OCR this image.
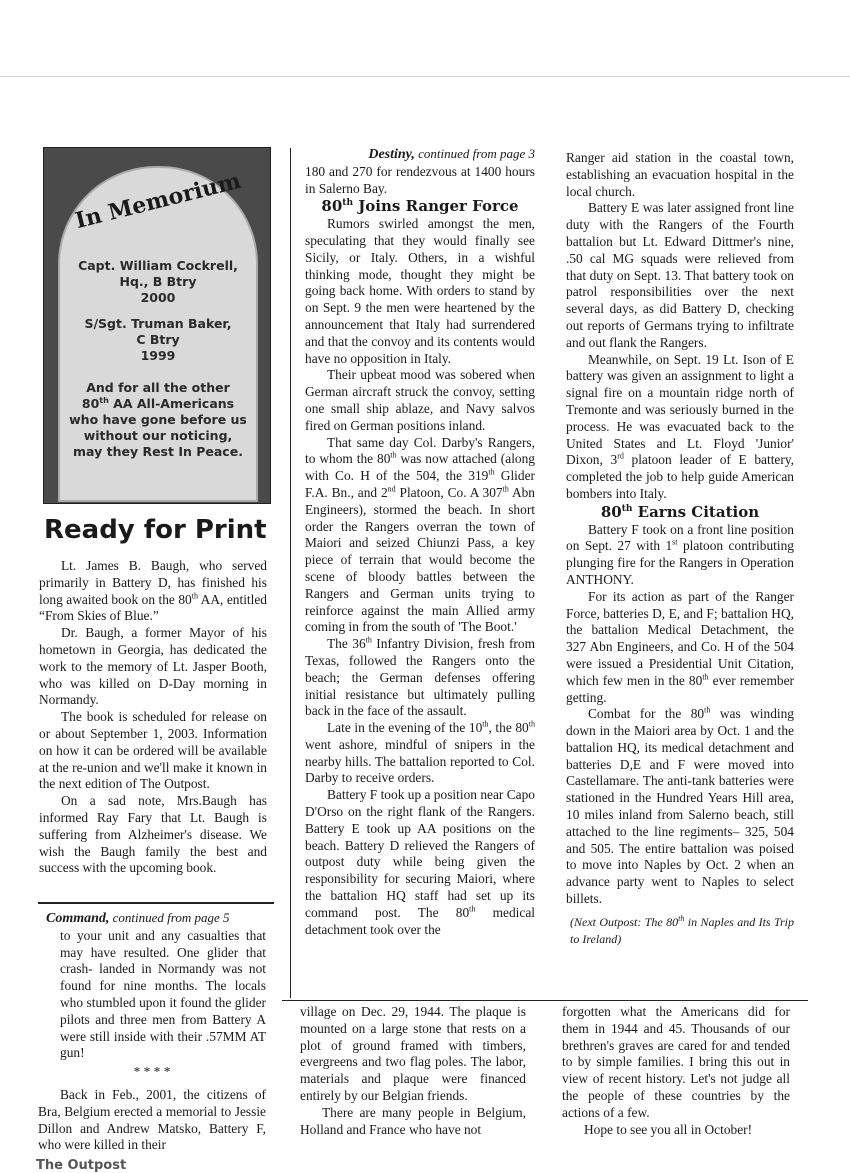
In Memorium
Capt. William Cockrell,
Hq., B Btry
2000
S/Sgt. Truman Baker,
C Btry
1999
And for all the other
80th AA All-Americans
who have gone before us
without our noticing,
may they Rest In Peace.
Ready for Print

Lt. James B. Baugh, who served primarily in Battery D, has finished his long awaited book on the 80th AA, entitled “From Skies of Blue.”

Dr. Baugh, a former Mayor of his hometown in Georgia, has dedicated the work to the memory of Lt. Jasper Booth, who was killed on D-Day morning in Normandy.

The book is scheduled for release on or about September 1, 2003. Information on how it can be ordered will be available at the re-union and we'll make it known in the next edition of The Outpost.

On a sad note, Mrs.Baugh has informed Ray Fary that Lt. Baugh is suffering from Alzheimer's disease. We wish the Baugh family the best and success with the upcoming book.

Command, continued from page 5

to your unit and any casualties that may have resulted. One glider that crash- landed in Normandy was not found for nine months. The locals who stumbled upon it found the glider pilots and three men from Battery A were still inside with their .57MM AT gun!

* * * *

Back in Feb., 2001, the citizens of Bra, Belgium erected a memorial to Jessie Dillon and Andrew Matsko, Battery F, who were killed in their

Destiny, continued from page 3

180 and 270 for rendezvous at 1400 hours in Salerno Bay.

80th Joins Ranger Force

Rumors swirled amongst the men, speculating that they would finally see Sicily, or Italy. Others, in a wishful thinking mode, thought they might be going back home. With orders to stand by on Sept. 9 the men were heartened by the announcement that Italy had surrendered and that the convoy and its contents would have no opposition in Italy.

Their upbeat mood was sobered when German aircraft struck the convoy, setting one small ship ablaze, and Navy salvos fired on German positions inland.

That same day Col. Darby's Rangers, to whom the 80th was now attached (along with Co. H of the 504, the 319th Glider F.A. Bn., and 2nd Platoon, Co. A 307th Abn Engineers), stormed the beach. In short order the Rangers overran the town of Maiori and seized Chiunzi Pass, a key piece of terrain that would become the scene of bloody battles between the Rangers and German units trying to reinforce against the main Allied army coming in from the south of 'The Boot.'

The 36th Infantry Division, fresh from Texas, followed the Rangers onto the beach; the German defenses offering initial resistance but ultimately pulling back in the face of the assault.

Late in the evening of the 10th, the 80th went ashore, mindful of snipers in the nearby hills. The battalion reported to Col. Darby to receive orders.

Battery F took up a position near Capo D'Orso on the right flank of the Rangers. Battery E took up AA positions on the beach. Battery D relieved the Rangers of outpost duty while being given the responsibility for securing Maiori, where the battalion HQ staff had set up its command post. The 80th medical detachment took over the

Ranger aid station in the coastal town, establishing an evacuation hospital in the local church.

Battery E was later assigned front line duty with the Rangers of the Fourth battalion but Lt. Edward Dittmer's nine, .50 cal MG squads were relieved from that duty on Sept. 13. That battery took on patrol responsibilities over the next several days, as did Battery D, checking out reports of Germans trying to infiltrate and out flank the Rangers.

Meanwhile, on Sept. 19 Lt. Ison of E battery was given an assignment to light a signal fire on a mountain ridge north of Tremonte and was seriously burned in the process. He was evacuated back to the United States and Lt. Floyd 'Junior' Dixon, 3rd platoon leader of E battery, completed the job to help guide American bombers into Italy.

80th Earns Citation

Battery F took on a front line position on Sept. 27 with 1st platoon contributing plunging fire for the Rangers in Operation ANTHONY.

For its action as part of the Ranger Force, batteries D, E, and F; battalion HQ, the battalion Medical Detachment, the 327 Abn Engineers, and Co. H of the 504 were issued a Presidential Unit Citation, which few men in the 80th ever remember getting.

Combat for the 80th was winding down in the Maiori area by Oct. 1 and the battalion HQ, its medical detachment and batteries D,E and F were moved into Castellamare. The anti-tank batteries were stationed in the Hundred Years Hill area, 10 miles inland from Salerno beach, still attached to the line regiments– 325, 504 and 505. The entire battalion was poised to move into Naples by Oct. 2 when an advance party went to Naples to select billets.

(Next Outpost: The 80th in Naples and Its Trip to Ireland)

village on Dec. 29, 1944. The plaque is mounted on a large stone that rests on a plot of ground framed with timbers, evergreens and two flag poles. The labor, materials and plaque were financed entirely by our Belgian friends.

There are many people in Belgium, Holland and France who have not

forgotten what the Americans did for them in 1944 and 45. Thousands of our brethren's graves are cared for and tended to by simple families. I bring this out in view of recent history. Let's not judge all the people of these countries by the actions of a few.

Hope to see you all in October!

The Outpost
